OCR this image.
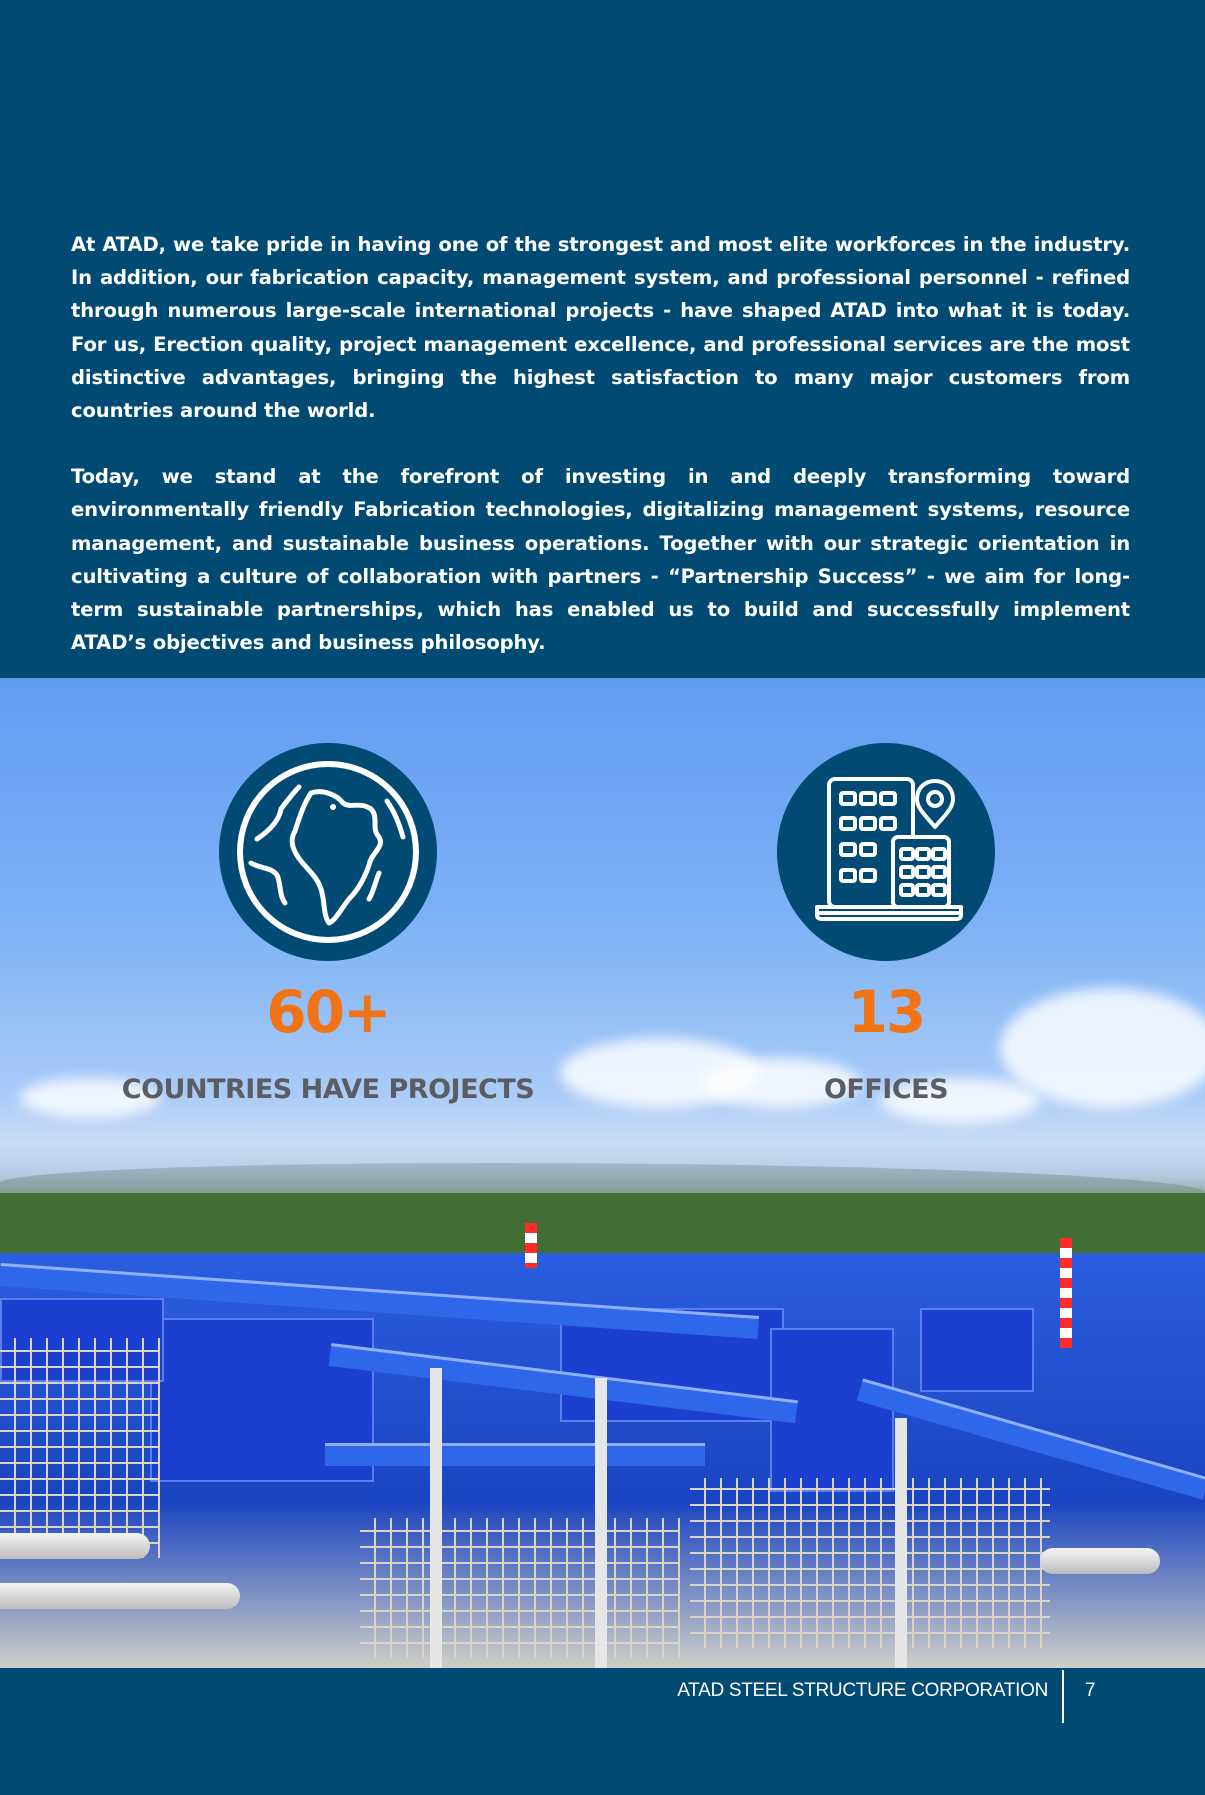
At ATAD, we take pride in having one of the strongest and most elite workforces in the industry. In addition, our fabrication capacity, management system, and professional personnel - refined through numerous large-scale international projects - have shaped ATAD into what it is today. For us, Erection quality, project management excellence, and professional services are the most distinctive advantages, bringing the highest satisfaction to many major customers from countries around the world.

Today, we stand at the forefront of investing in and deeply transforming toward environmentally friendly Fabrication technologies, digitalizing management systems, resource management, and sustainable business operations. Together with our strategic orientation in cultivating a culture of collaboration with partners - “Partnership Success” - we aim for long-term sustainable partnerships, which has enabled us to build and successfully implement ATAD’s objectives and business philosophy.

60+
COUNTRIES HAVE PROJECTS
13
OFFICES
ATAD STEEL STRUCTURE CORPORATION 7
